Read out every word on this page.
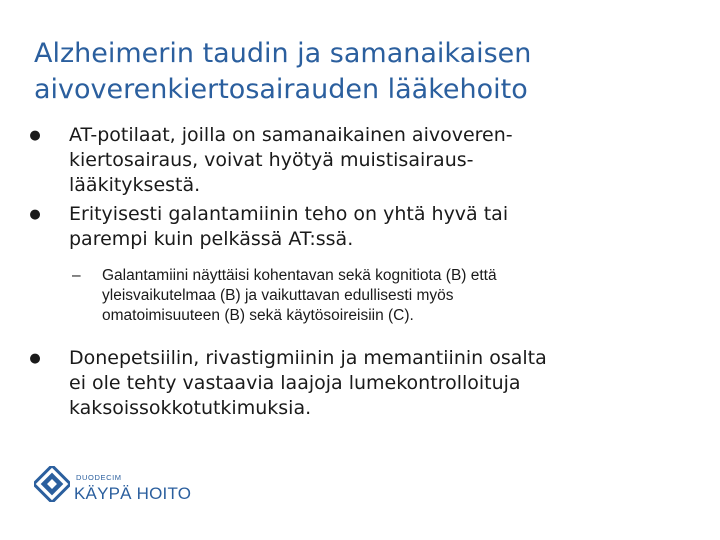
Alzheimerin taudin ja samanaikaisen
aivoverenkiertosairauden lääkehoito
● AT-potilaat, joilla on samanaikainen aivoveren-
kiertosairaus, voivat hyötyä muistisairaus-
lääkityksestä.
● Erityisesti galantamiinin teho on yhtä hyvä tai
parempi kuin pelkässä AT:ssä.
– Galantamiini näyttäisi kohentavan sekä kognitiota (B) että
yleisvaikutelmaa (B) ja vaikuttavan edullisesti myös
omatoimisuuteen (B) sekä käytösoireisiin (C).
● Donepetsiilin, rivastigmiinin ja memantiinin osalta
ei ole tehty vastaavia laajoja lumekontrolloituja
kaksoissokkotutkimuksia.
DUODECIM
KÄYPÄ HOITO
